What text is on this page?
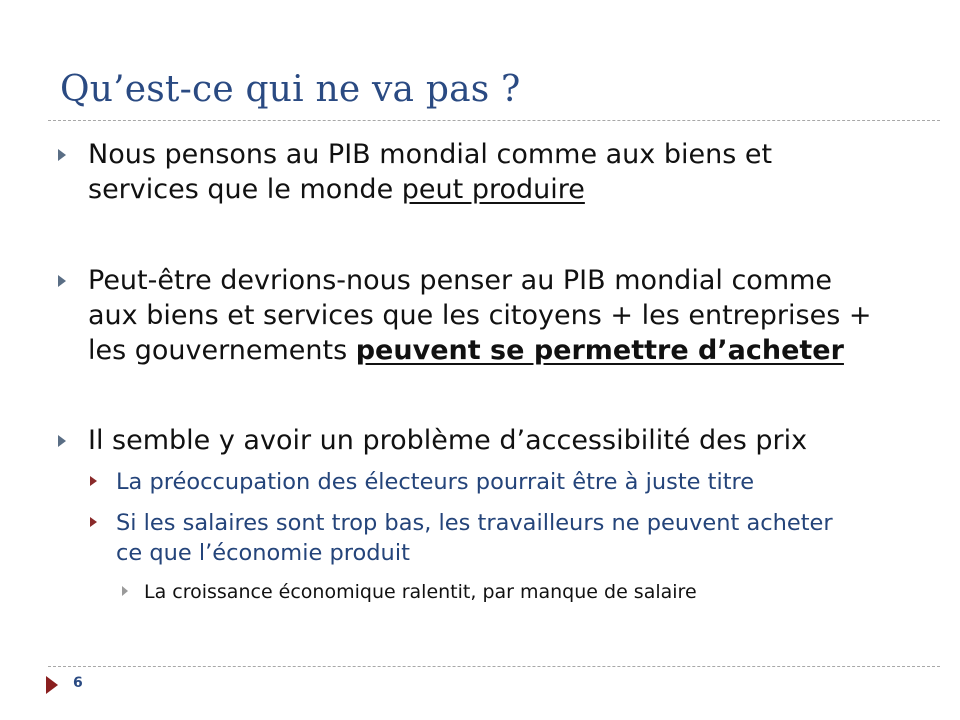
Qu’est-ce qui ne va pas ?
Nous pensons au PIB mondial comme aux biens et
services que le monde peut produire
Peut-être devrions-nous penser au PIB mondial comme
aux biens et services que les citoyens + les entreprises +
les gouvernements peuvent se permettre d’acheter
Il semble y avoir un problème d’accessibilité des prix
La préoccupation des électeurs pourrait être à juste titre
Si les salaires sont trop bas, les travailleurs ne peuvent acheter
ce que l’économie produit
La croissance économique ralentit, par manque de salaire
6
